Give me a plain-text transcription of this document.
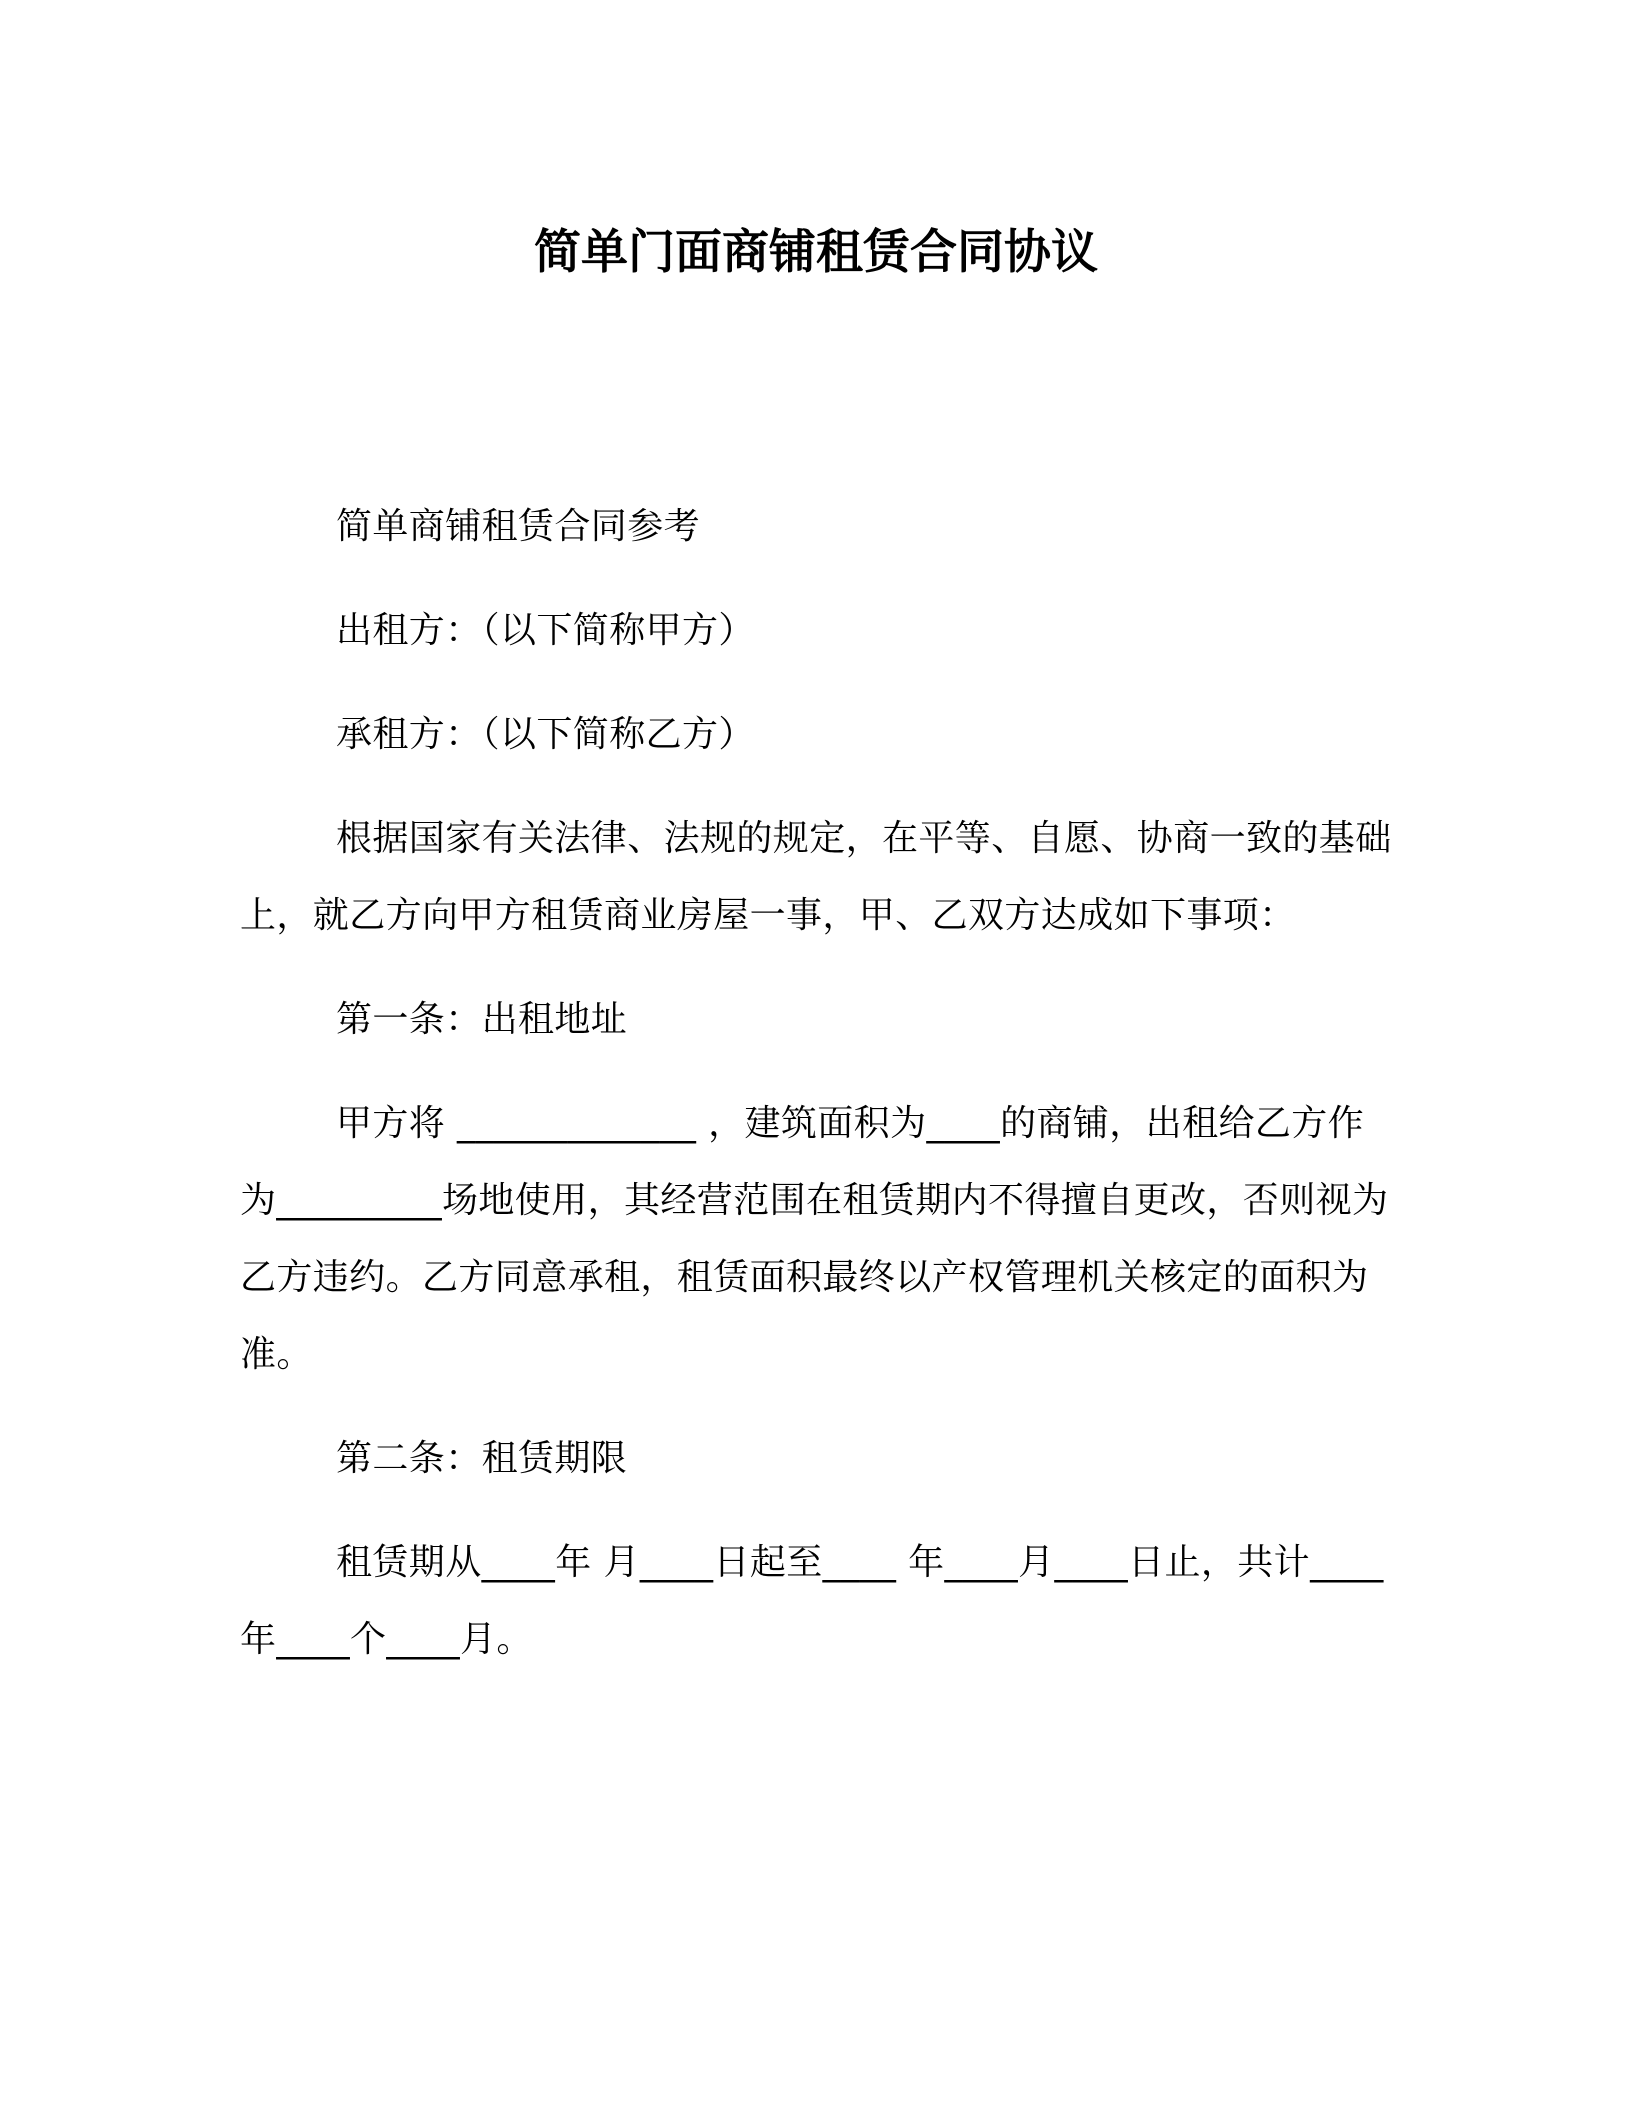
简单门面商铺租赁合同协议

简单商铺租赁合同参考

出租方：（以下简称甲方）

承租方：（以下简称乙方）

根据国家有关法律、法规的规定，在平等、自愿、协商一致的基础上，就乙方向甲方租赁商业房屋一事，甲、乙双方达成如下事项：

第一条：出租地址

甲方将 _____________ ，建筑面积为____的商铺，出租给乙方作为_________场地使用，其经营范围在租赁期内不得擅自更改，否则视为乙方违约。乙方同意承租，租赁面积最终以产权管理机关核定的面积为准。

第二条：租赁期限

租赁期从____年 月____日起至____ 年____月____日止，共计____年____个____月。
